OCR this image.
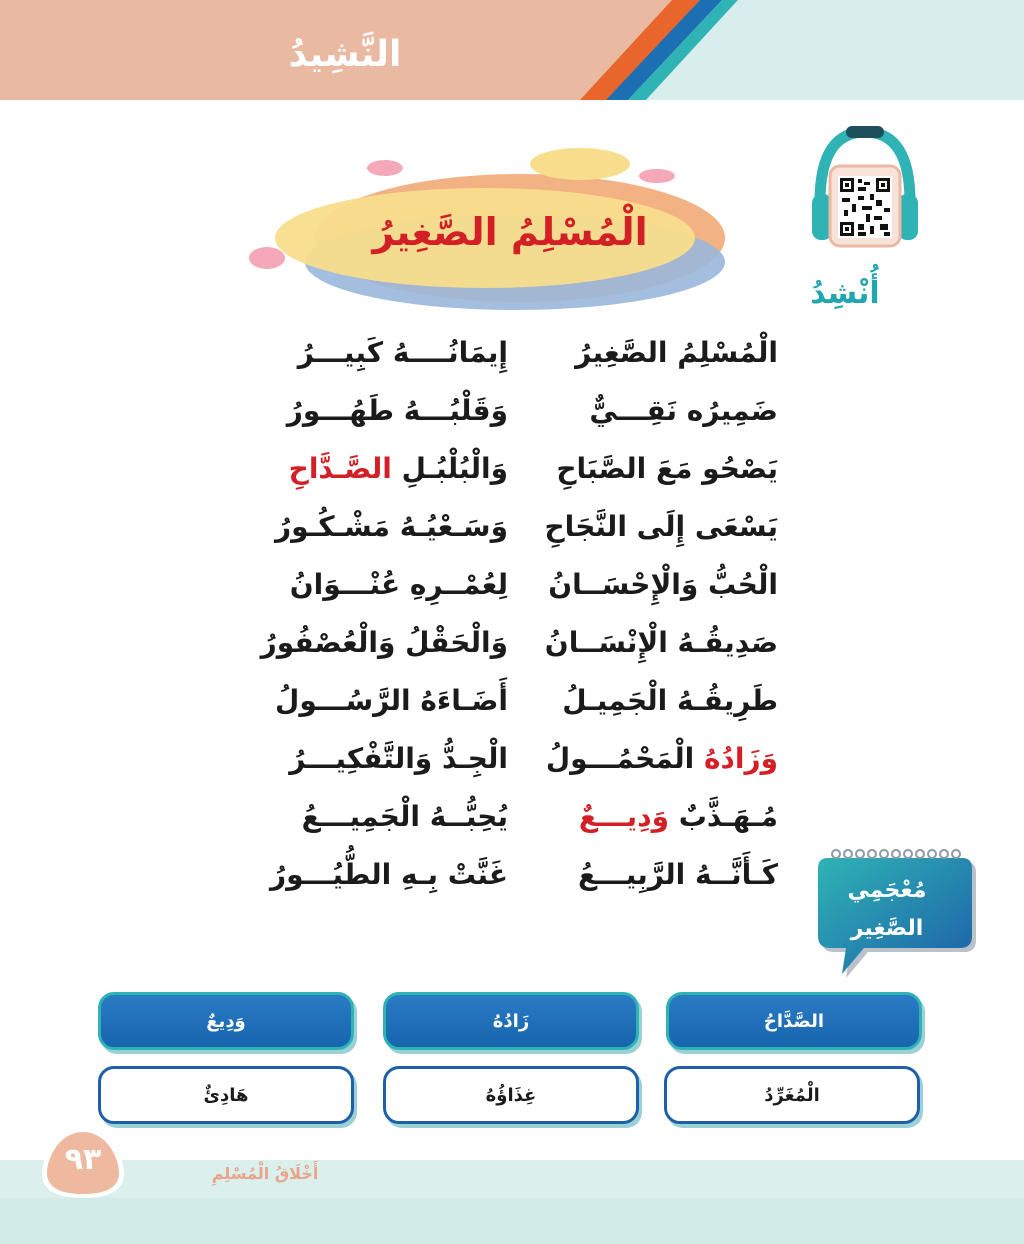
النَّشِيدُ
أُنْشِدُ
الْمُسْلِمُ الصَّغِيرُ
الْمُسْلِمُ الصَّغِيرُ
إِيمَانُــــهُ كَبِيـــرُ
ضَمِيرُه نَقِـــيٌّ
وَقَلْبُـــهُ طَهُـــورُ
يَصْحُو مَعَ الصَّبَاحِ
وَالْبُلْبُـلِ الصَّـدَّاحِ
يَسْعَى إِلَى النَّجَاحِ
وَسَـعْيُـهُ مَشْـكُـورُ
الْحُبُّ وَالْإِحْسَــانُ
لِعُمْــرِهِ عُنْـــوَانُ
صَدِيقُـهُ الْإِنْسَــانُ
وَالْحَقْلُ وَالْعُصْفُورُ
طَرِيقُـهُ الْجَمِيـلُ
أَضَـاءَهُ الرَّسُـــولُ
وَزَادُهُ الْمَحْمُـــولُ
الْجِـدُّ وَالتَّفْكِيـــرُ
مُـهَـذَّبٌ وَدِيـــعٌ
يُحِبُّــهُ الْجَمِيـــعُ
كَـأَنَّــهُ الرَّبِيـــعُ
غَنَّتْ بِـهِ الطُّيُـــورُ	مُعْجَمِي
الصَّغِير
الصَّدَّاحُ
زَادُهُ
وَدِيعٌ
الْمُغَرِّدُ
غِذَاؤُهُ
هَادِئٌ
٩٣	أَخْلَاقُ الْمُسْلِمِ
